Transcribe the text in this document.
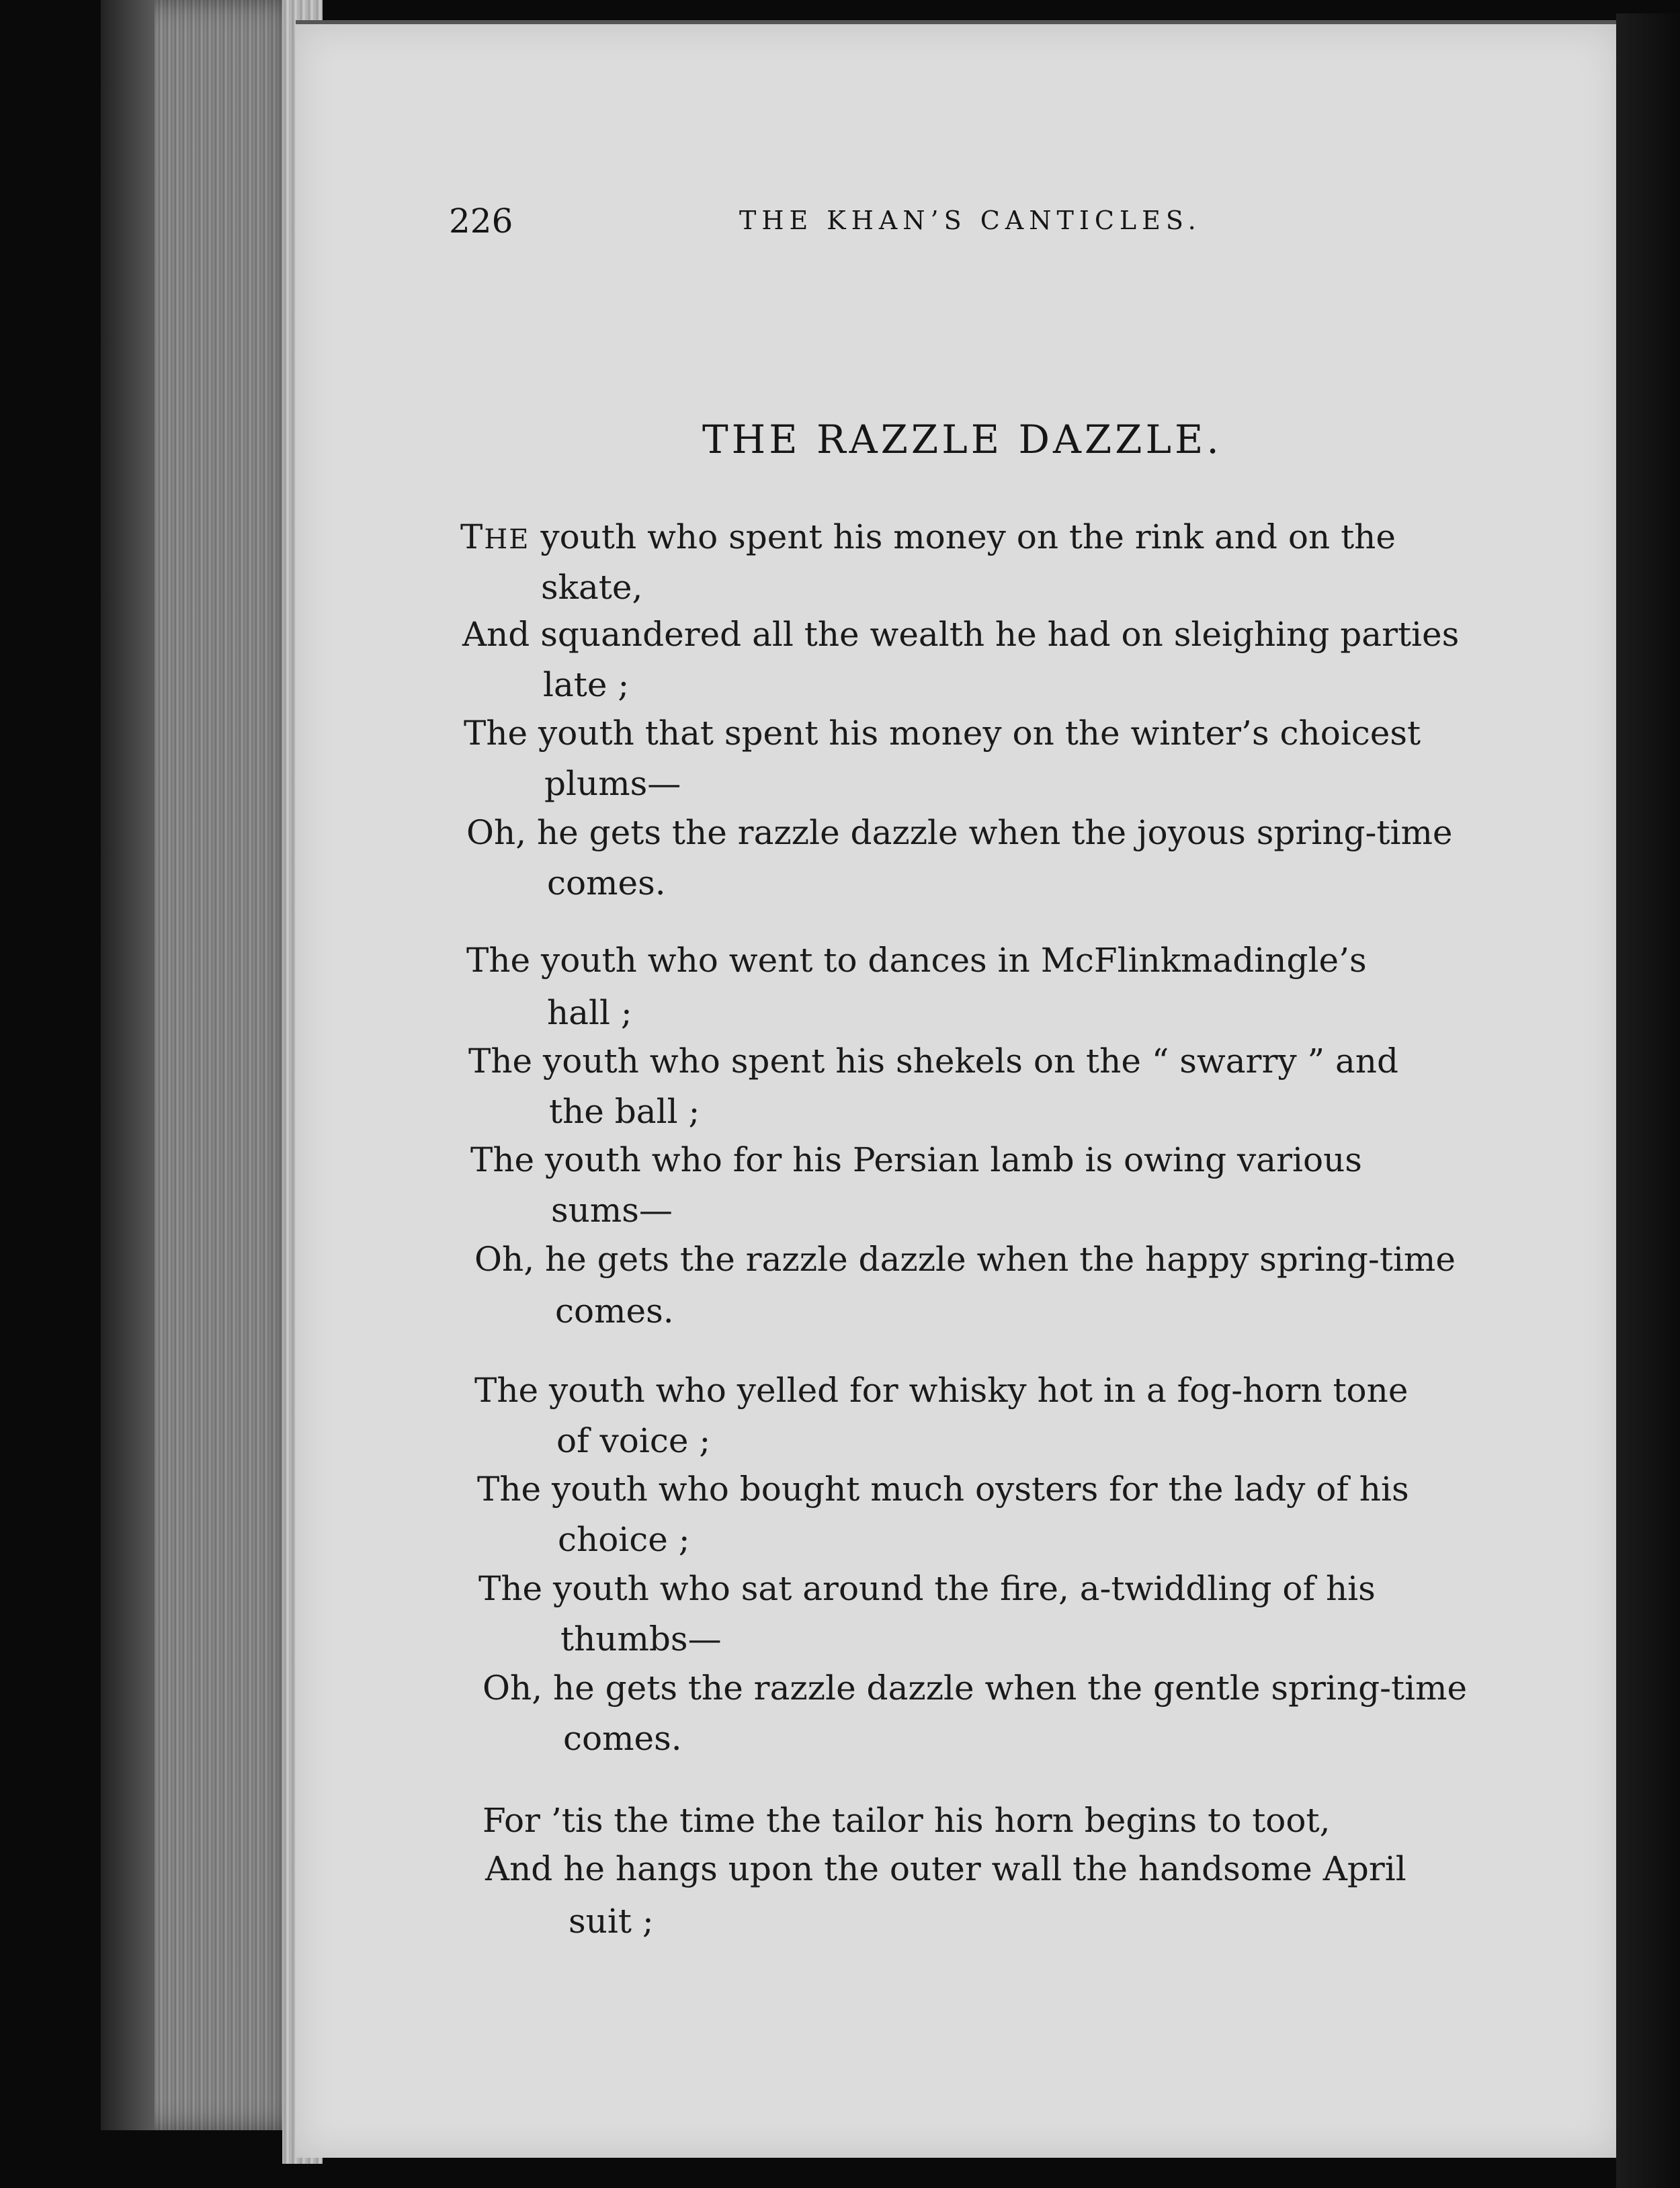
226	THE KHAN’S CANTICLES.
THE RAZZLE DAZZLE.
THE youth who spent his money on the rink and on the
skate,
And squandered all the wealth he had on sleighing parties
late ;
The youth that spent his money on the winter’s choicest
plums—
Oh, he gets the razzle dazzle when the joyous spring-time
comes.
The youth who went to dances in McFlinkmadingle’s
hall ;
The youth who spent his shekels on the “ swarry ” and
the ball ;
The youth who for his Persian lamb is owing various
sums—
Oh, he gets the razzle dazzle when the happy spring-time
comes.
The youth who yelled for whisky hot in a fog-horn tone
of voice ;
The youth who bought much oysters for the lady of his
choice ;
The youth who sat around the fire, a-twiddling of his
thumbs—
Oh, he gets the razzle dazzle when the gentle spring-time
comes.
For ’tis the time the tailor his horn begins to toot,
And he hangs upon the outer wall the handsome April
suit ;
